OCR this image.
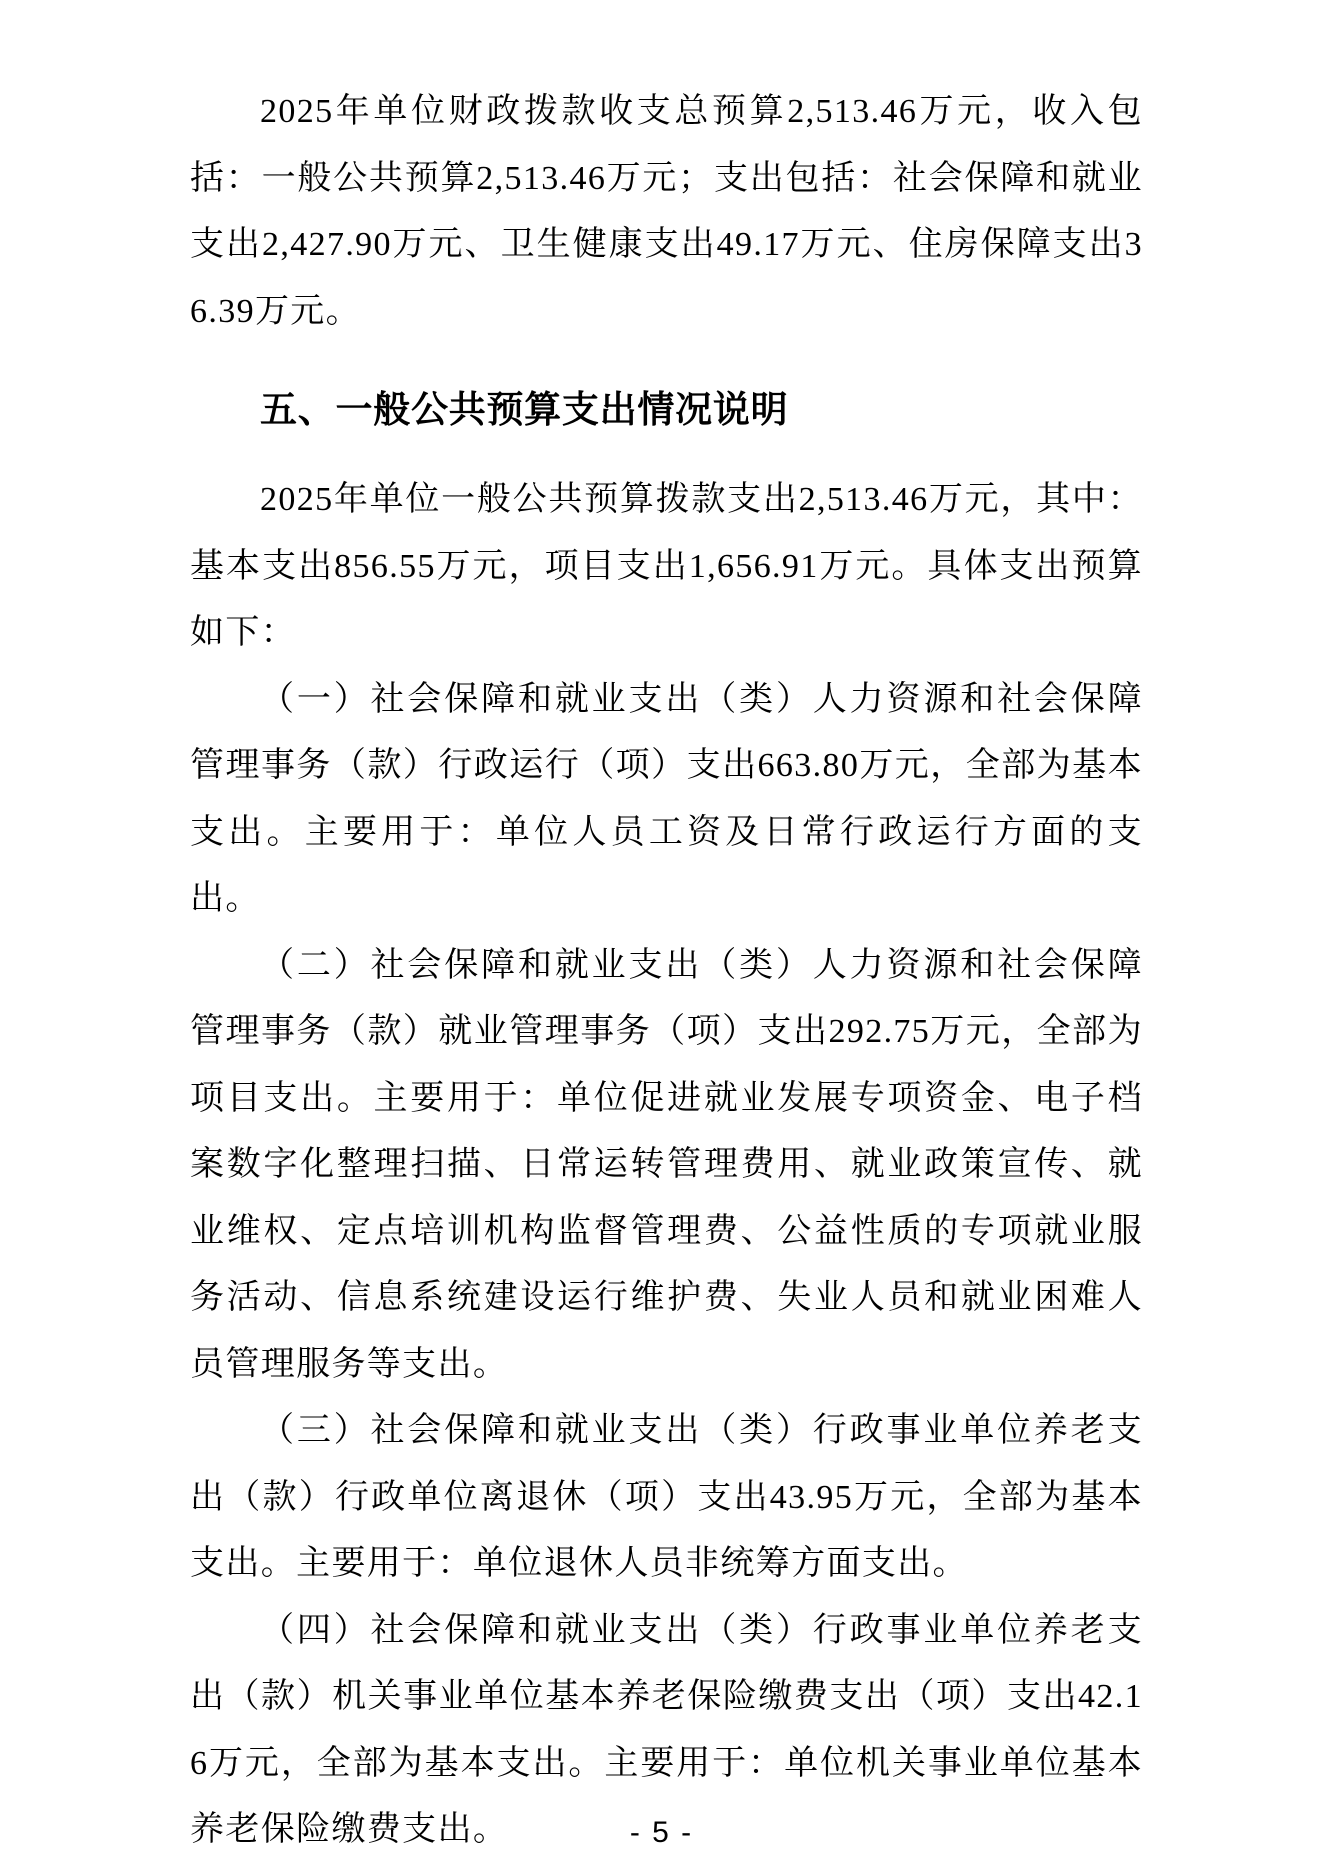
2025年单位财政拨款收支总预算2,513.46万元，收入包括：一般公共预算2,513.46万元；支出包括：社会保障和就业支出2,427.90万元、卫生健康支出49.17万元、住房保障支出36.39万元。

五、一般公共预算支出情况说明

2025年单位一般公共预算拨款支出2,513.46万元，其中：基本支出856.55万元，项目支出1,656.91万元。具体支出预算如下：

（一）社会保障和就业支出（类）人力资源和社会保障管理事务（款）行政运行（项）支出663.80万元，全部为基本支出。主要用于：单位人员工资及日常行政运行方面的支出。

（二）社会保障和就业支出（类）人力资源和社会保障管理事务（款）就业管理事务（项）支出292.75万元，全部为项目支出。主要用于：单位促进就业发展专项资金、电子档案数字化整理扫描、日常运转管理费用、就业政策宣传、就业维权、定点培训机构监督管理费、公益性质的专项就业服务活动、信息系统建设运行维护费、失业人员和就业困难人员管理服务等支出。

（三）社会保障和就业支出（类）行政事业单位养老支出（款）行政单位离退休（项）支出43.95万元，全部为基本支出。主要用于：单位退休人员非统筹方面支出。

（四）社会保障和就业支出（类）行政事业单位养老支出（款）机关事业单位基本养老保险缴费支出（项）支出42.16万元，全部为基本支出。主要用于：单位机关事业单位基本养老保险缴费支出。	- 5 -
